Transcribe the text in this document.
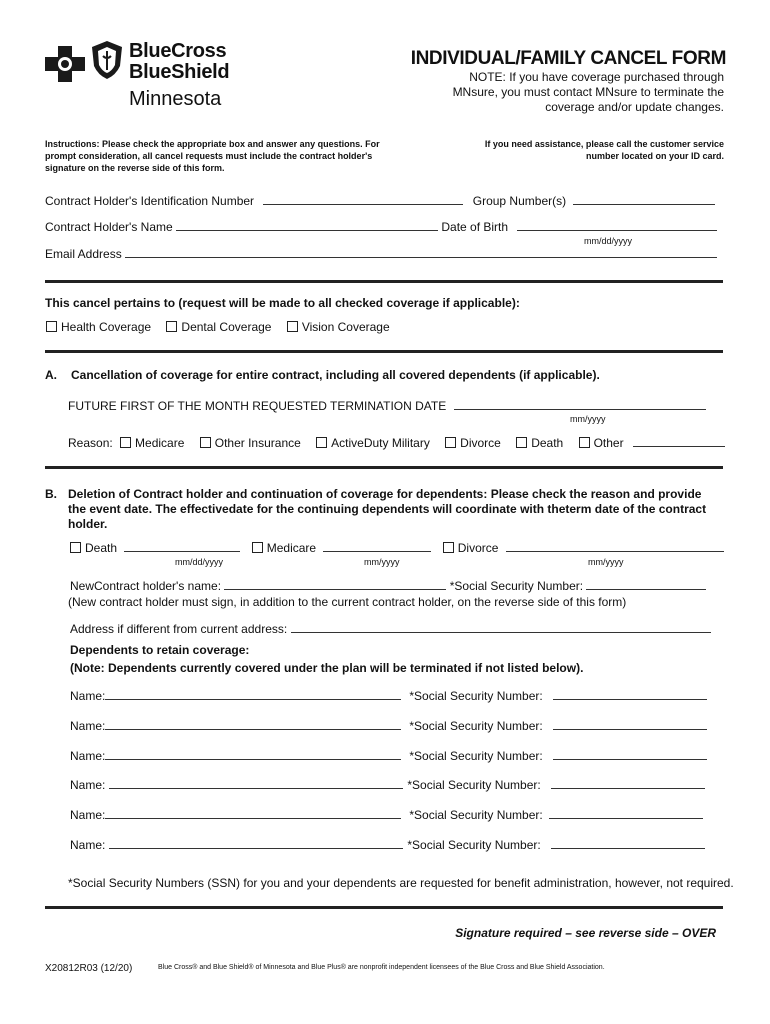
BlueCross
BlueShield
Minnesota
INDIVIDUAL/FAMILY CANCEL FORM
NOTE: If you have coverage purchased through MNsure, you must contact MNsure to terminate the coverage and/or update changes.
Instructions: Please check the appropriate box and answer any questions. For prompt consideration, all cancel requests must include the contract holder's signature on the reverse side of this form.
If you need assistance, please call the customer service number located on your ID card.
Contract Holder's Identification Number	Group Number(s)
Contract Holder's Name	Date of Birth
mm/dd/yyyy
Email Address
This cancel pertains to (request will be made to all checked coverage if applicable):
Health Coverage	Dental Coverage	Vision Coverage
A. Cancellation of coverage for entire contract, including all covered dependents (if applicable).
FUTURE FIRST OF THE MONTH REQUESTED TERMINATION DATE
mm/yyyy
Reason: Medicare	Other Insurance	ActiveDuty Military	Divorce	Death	Other
B. Deletion of Contract holder and continuation of coverage for dependents: Please check the reason and provide the event date. The effectivedate for the continuing dependents will coordinate with theterm date of the contract holder.
Death	Medicare	Divorce
mm/dd/yyyy	mm/yyyy	mm/yyyy
NewContract holder's name:	*Social Security Number:
(New contract holder must sign, in addition to the current contract holder, on the reverse side of this form)
Address if different from current address:
Dependents to retain coverage:
(Note: Dependents currently covered under the plan will be terminated if not listed below).
Name:	*Social Security Number:
Name:	*Social Security Number:
Name:	*Social Security Number:
Name:	*Social Security Number:
Name:	*Social Security Number:
Name:	*Social Security Number:
*Social Security Numbers (SSN) for you and your dependents are requested for benefit administration, however, not required.
Signature required – see reverse side – OVER
X20812R03 (12/20)	Blue Cross® and Blue Shield® of Minnesota and Blue Plus® are nonprofit independent licensees of the Blue Cross and Blue Shield Association.
